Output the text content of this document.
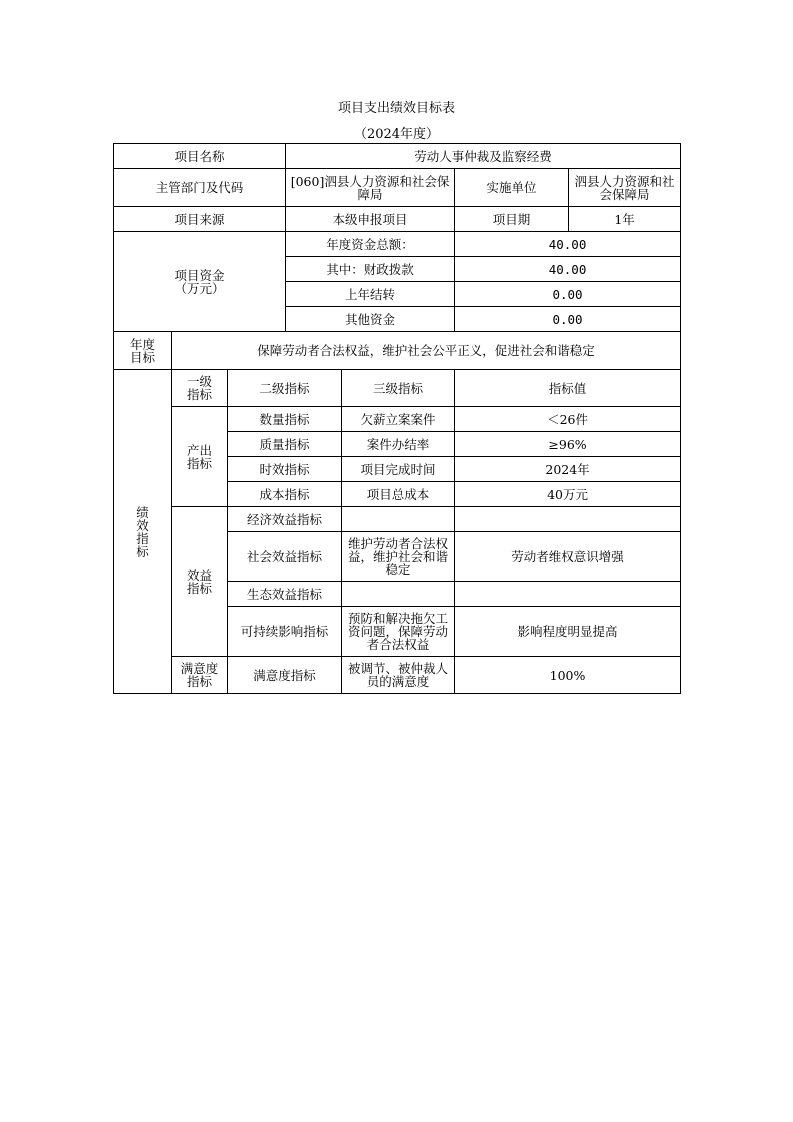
项目支出绩效目标表
（2024年度）
项目名称			劳动人事仲裁及监察经费			
主管部门及代码			[060]泗县人力资源和社会保障局		实施单位	泗县人力资源和社会保障局
项目来源			本级申报项目		项目期	1年

项目资金
（万元）			年度资金总额：		40.00	
			其中：财政拨款		40.00	
			上年结转		0.00	
			其他资金		0.00	

年度目标	保障劳动者合法权益，维护社会公平正义，促进社会和谐稳定					

绩效指标	一级指标	二级指标		三级指标	指标值	

	产出指标	数量指标		欠薪立案案件	＜26件	
		质量指标		案件办结率	≥96%	
		时效指标		项目完成时间	2024年	
		成本指标		项目总成本	40万元	

	效益指标	经济效益指标				
		社会效益指标		维护劳动者合法权益，维护社会和谐稳定	劳动者维权意识增强	
		生态效益指标				
		可持续影响指标		预防和解决拖欠工资问题，保障劳动者合法权益	影响程度明显提高	

	满意度指标	满意度指标		被调节、被仲裁人员的满意度	100%	
